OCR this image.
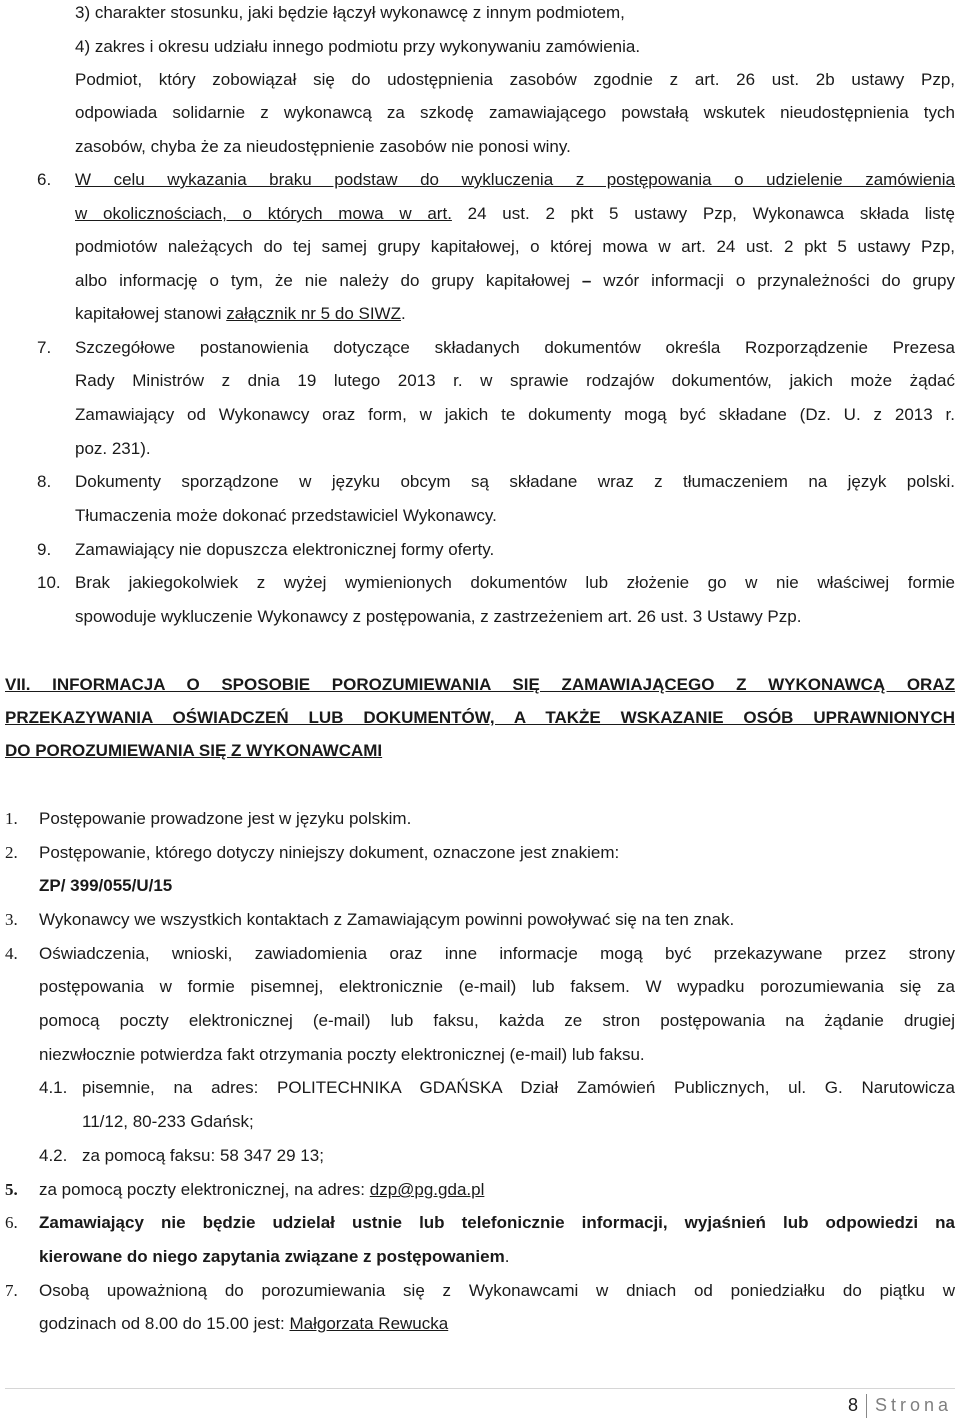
3) charakter stosunku, jaki będzie łączył wykonawcę z innym podmiotem,
4) zakres i okresu udziału innego podmiotu przy wykonywaniu zamówienia.
Podmiot, który zobowiązał się do udostępnienia zasobów zgodnie z art. 26 ust. 2b ustawy Pzp,
odpowiada solidarnie z wykonawcą za szkodę zamawiającego powstałą wskutek nieudostępnienia tych
zasobów, chyba że za nieudostępnienie zasobów nie ponosi winy.
6. W celu wykazania braku podstaw do wykluczenia z postępowania o udzielenie zamówienia
w okolicznościach, o których mowa w art. 24 ust. 2 pkt 5 ustawy Pzp, Wykonawca składa listę
podmiotów należących do tej samej grupy kapitałowej, o której mowa w art. 24 ust. 2 pkt 5 ustawy Pzp,
albo informację o tym, że nie należy do grupy kapitałowej – wzór informacji o przynależności do grupy
kapitałowej stanowi załącznik nr 5 do SIWZ.
7. Szczegółowe postanowienia dotyczące składanych dokumentów określa Rozporządzenie Prezesa
Rady Ministrów z dnia 19 lutego 2013 r. w sprawie rodzajów dokumentów, jakich może żądać
Zamawiający od Wykonawcy oraz form, w jakich te dokumenty mogą być składane (Dz. U. z 2013 r.
poz. 231).
8. Dokumenty sporządzone w języku obcym są składane wraz z tłumaczeniem na język polski.
Tłumaczenia może dokonać przedstawiciel Wykonawcy.
9. Zamawiający nie dopuszcza elektronicznej formy oferty.
10. Brak jakiegokolwiek z wyżej wymienionych dokumentów lub złożenie go w nie właściwej formie
spowoduje wykluczenie Wykonawcy z postępowania, z zastrzeżeniem art. 26 ust. 3 Ustawy Pzp.
VII. INFORMACJA O SPOSOBIE POROZUMIEWANIA SIĘ ZAMAWIAJĄCEGO Z WYKONAWCĄ ORAZ
PRZEKAZYWANIA OŚWIADCZEŃ LUB DOKUMENTÓW, A TAKŻE WSKAZANIE OSÓB UPRAWNIONYCH
DO POROZUMIEWANIA SIĘ Z WYKONAWCAMI
1. Postępowanie prowadzone jest w języku polskim.
2. Postępowanie, którego dotyczy niniejszy dokument, oznaczone jest znakiem:
ZP/ 399/055/U/15
3. Wykonawcy we wszystkich kontaktach z Zamawiającym powinni powoływać się na ten znak.
4. Oświadczenia, wnioski, zawiadomienia oraz inne informacje mogą być przekazywane przez strony
postępowania w formie pisemnej, elektronicznie (e-mail) lub faksem. W wypadku porozumiewania się za
pomocą poczty elektronicznej (e-mail) lub faksu, każda ze stron postępowania na żądanie drugiej
niezwłocznie potwierdza fakt otrzymania poczty elektronicznej (e-mail) lub faksu.
4.1. pisemnie, na adres: POLITECHNIKA GDAŃSKA Dział Zamówień Publicznych, ul. G. Narutowicza
11/12, 80-233 Gdańsk;
4.2. za pomocą faksu: 58 347 29 13;
5. za pomocą poczty elektronicznej, na adres: dzp@pg.gda.pl
6. Zamawiający nie będzie udzielał ustnie lub telefonicznie informacji, wyjaśnień lub odpowiedzi na
kierowane do niego zapytania związane z postępowaniem.
7. Osobą upoważnioną do porozumiewania się z Wykonawcami w dniach od poniedziałku do piątku w
godzinach od 8.00 do 15.00 jest: Małgorzata Rewucka
8 Strona
